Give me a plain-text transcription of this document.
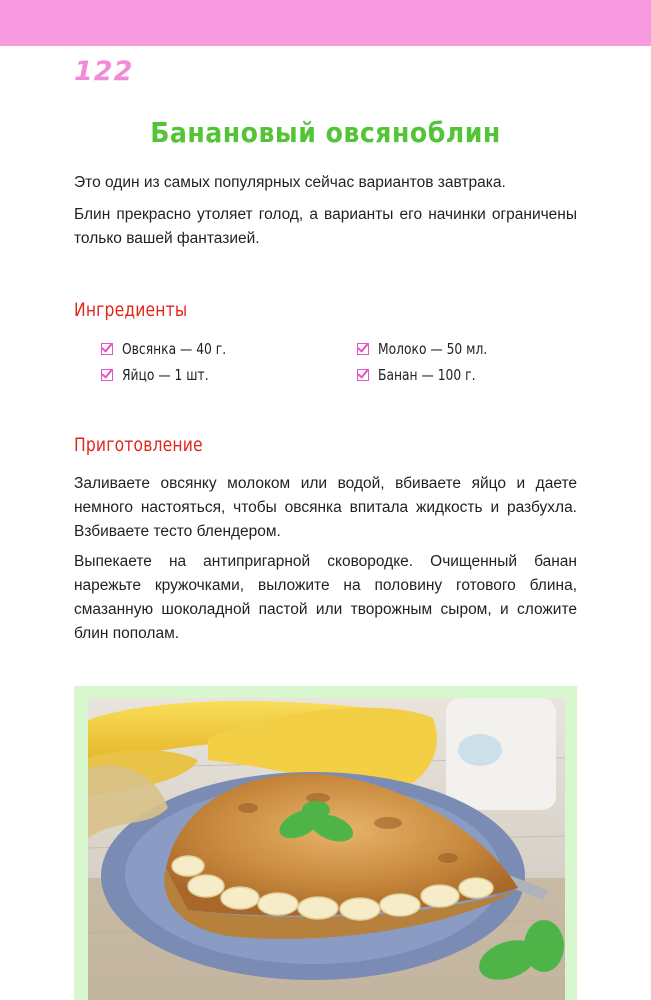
122
Банановый овсяноблин

Это один из самых популярных сейчас вариантов завтрака.

Блин прекрасно утоляет голод, а варианты его начинки ограничены только вашей фантазией.

Ингредиенты
Овсянка — 40 г.	Молоко — 50 мл.
Яйцо — 1 шт.	Банан — 100 г.
Приготовление

Заливаете овсянку молоком или водой, вбиваете яйцо и даете немного настояться, чтобы овсянка впитала жидкость и разбухла. Взбиваете тесто блендером.

Выпекаете на антипригарной сковородке. Очищенный банан нарежьте кружочками, выложите на половину готового блина, смазанную шоколадной пастой или творожным сыром, и сложите блин пополам.
